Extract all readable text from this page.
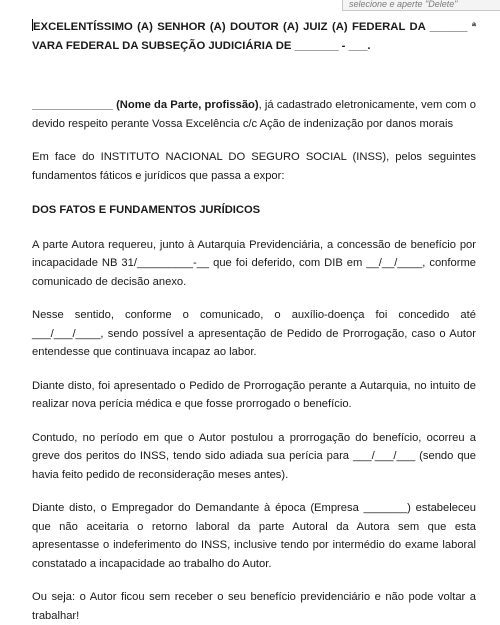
selecione e aperte "Delete"

EXCELENTÍSSIMO (A) SENHOR (A) DOUTOR (A) JUIZ (A) FEDERAL DA ______ ª VARA FEDERAL DA SUBSEÇÃO JUDICIÁRIA DE _______ - ___.

_____________ (Nome da Parte, profissão), já cadastrado eletronicamente, vem com o devido respeito perante Vossa Excelência c/c Ação de indenização por danos morais

Em face do INSTITUTO NACIONAL DO SEGURO SOCIAL (INSS), pelos seguintes fundamentos fáticos e jurídicos que passa a expor:

DOS FATOS E FUNDAMENTOS JURÍDICOS

A parte Autora requereu, junto à Autarquia Previdenciária, a concessão de benefício por incapacidade NB 31/_________-__ que foi deferido, com DIB em __/__/____, conforme comunicado de decisão anexo.

Nesse sentido, conforme o comunicado, o auxílio-doença foi concedido até ___/___/____, sendo possível a apresentação de Pedido de Prorrogação, caso o Autor entendesse que continuava incapaz ao labor.

Diante disto, foi apresentado o Pedido de Prorrogação perante a Autarquia, no intuito de realizar nova perícia médica e que fosse prorrogado o benefício.

Contudo, no período em que o Autor postulou a prorrogação do benefício, ocorreu a greve dos peritos do INSS, tendo sido adiada sua perícia para ___/___/___ (sendo que havia feito pedido de reconsideração meses antes).

Diante disto, o Empregador do Demandante à época (Empresa _______) estabeleceu que não aceitaria o retorno laboral da parte Autoral da Autora sem que esta apresentasse o indeferimento do INSS, inclusive tendo por intermédio do exame laboral constatado a incapacidade ao trabalho do Autor.

Ou seja: o Autor ficou sem receber o seu benefício previdenciário e não pode voltar a trabalhar!
